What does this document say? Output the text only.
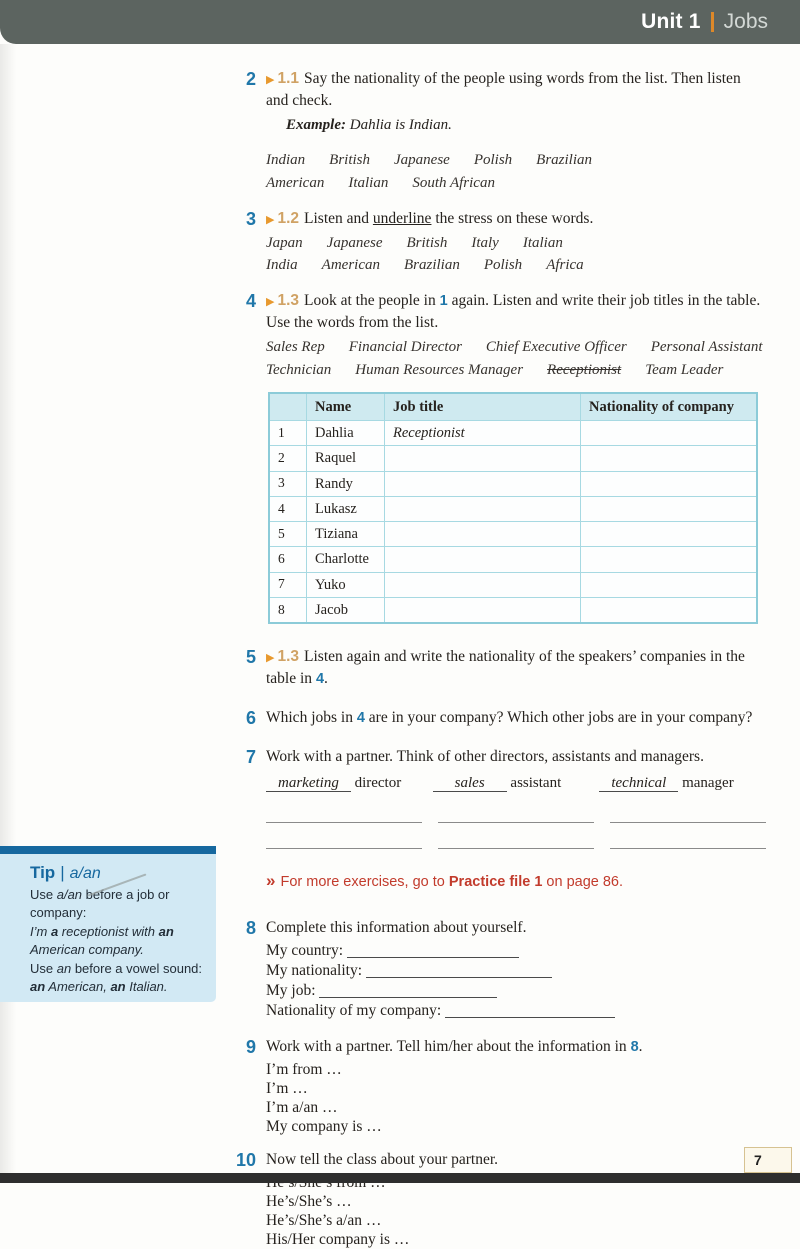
Unit 1 Jobs
2 ▶ 1.1 Say the nationality of the people using words from the list. Then listen and check.
Example: Dahlia is Indian.
Indian British Japanese Polish Brazilian
American Italian South African
3 ▶ 1.2 Listen and underline the stress on these words.
Japan Japanese British Italy Italian
India American Brazilian Polish Africa
4 ▶ 1.3 Look at the people in 1 again. Listen and write their job titles in the table. Use the words from the list.
Sales Rep Financial Director Chief Executive Officer Personal Assistant
Technician Human Resources Manager Receptionist Team Leader
	Name	Job title	Nationality of company
1	Dahlia	Receptionist	
2	Raquel		
3	Randy		
4	Lukasz		
5	Tiziana		
6	Charlotte		
7	Yuko		
8	Jacob		
5 ▶ 1.3 Listen again and write the nationality of the speakers’ companies in the table in 4.
6 Which jobs in 4 are in your company? Which other jobs are in your company?
7 Work with a partner. Think of other directors, assistants and managers.
marketing director	sales assistant	technical manager
» For more exercises, go to Practice file 1 on page 86.
8 Complete this information about yourself.
My country:
My nationality:
My job:
Nationality of my company:
9 Work with a partner. Tell him/her about the information in 8.
I’m from …
I’m …
I’m a/an …
My company is …
10 Now tell the class about your partner.
He’s/She’s …
He’s/She’s a/an …
His/Her company is …
Tip | a/an
Use a/an before a job or company:
I’m a receptionist with an American company.
Use an before a vowel sound:
an American, an Italian.
7
